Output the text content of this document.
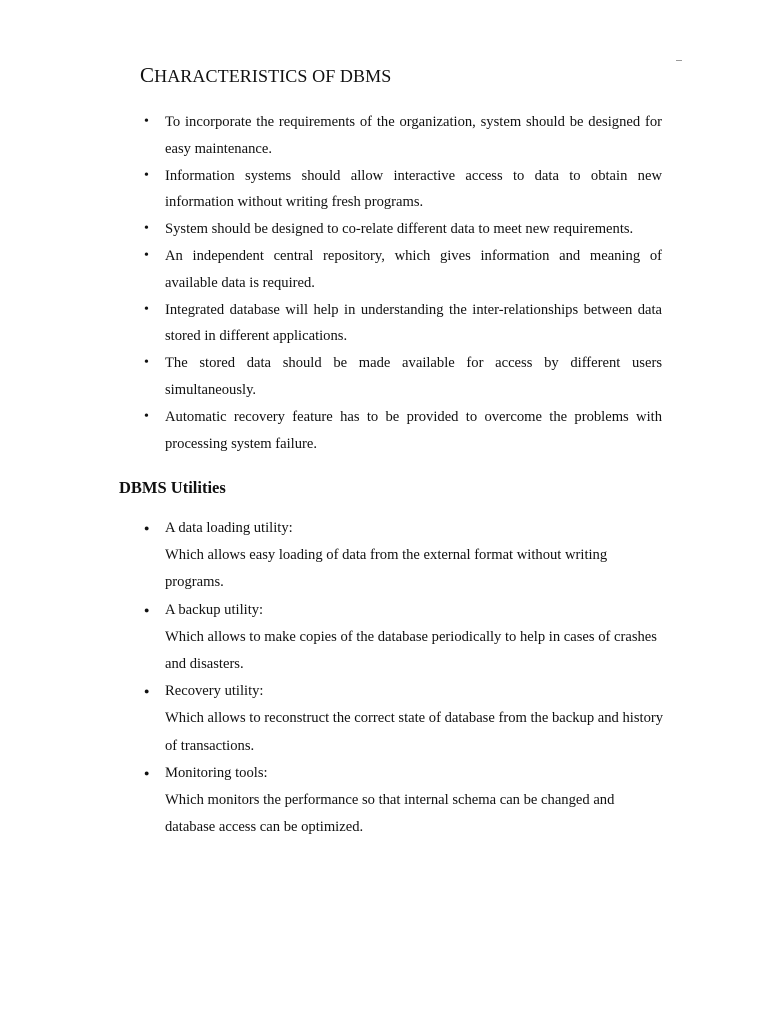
CHARACTERISTICS OF DBMS
• To incorporate the requirements of the organization, system should be designed for easy maintenance.
• Information systems should allow interactive access to data to obtain new information without writing fresh programs.
• System should be designed to co-relate different data to meet new requirements.
• An independent central repository, which gives information and meaning of available data is required.
• Integrated database will help in understanding the inter-relationships between data stored in different applications.
• The stored data should be made available for access by different users simultaneously.
• Automatic recovery feature has to be provided to overcome the problems with processing system failure.
DBMS Utilities
● A data loading utility:
Which allows easy loading of data from the external format without writing programs.
● A backup utility:
Which allows to make copies of the database periodically to help in cases of crashes and disasters.
● Recovery utility:
Which allows to reconstruct the correct state of database from the backup and history of transactions.
● Monitoring tools:
Which monitors the performance so that internal schema can be changed and database access can be optimized.
